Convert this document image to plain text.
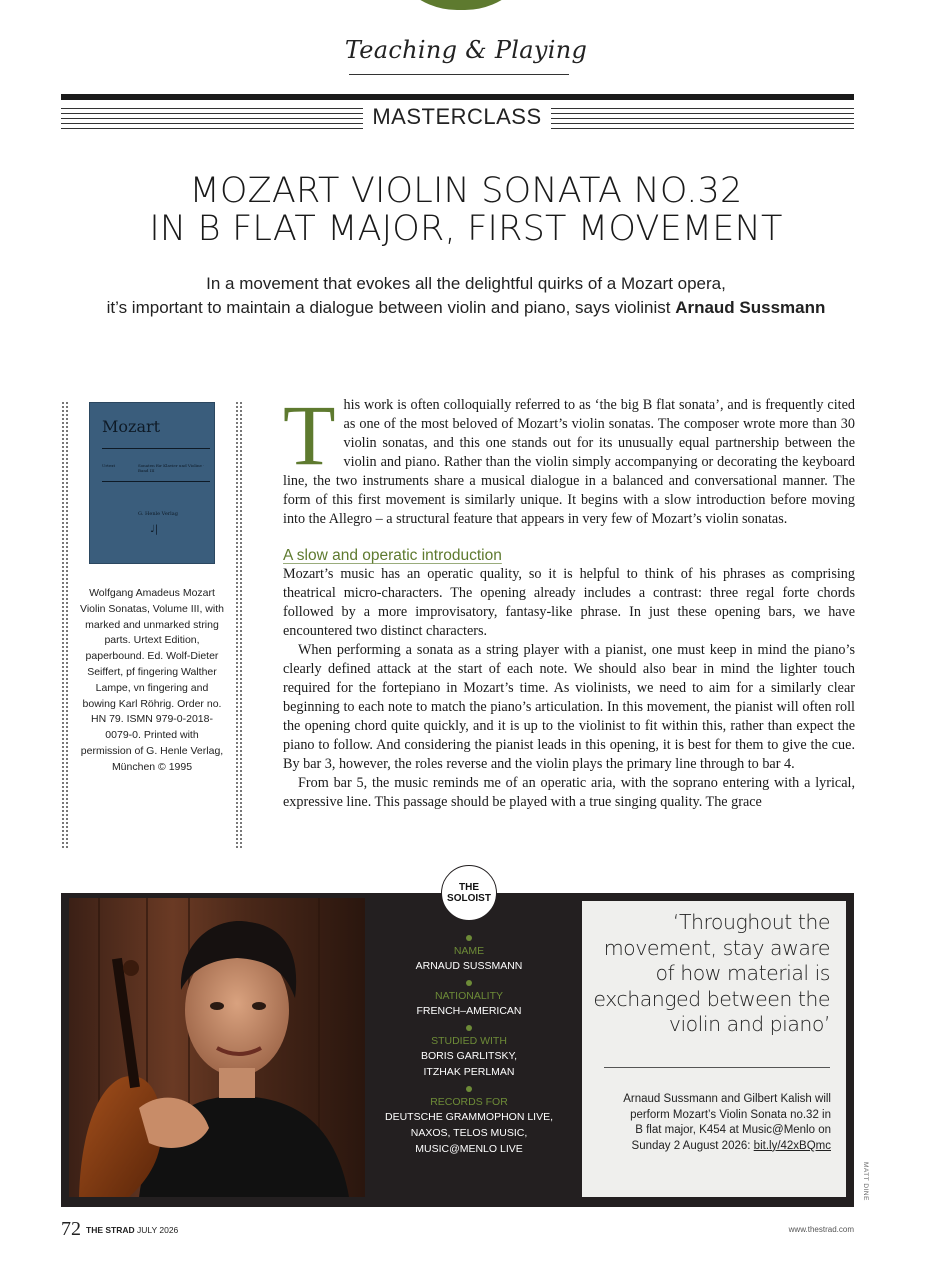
Teaching & Playing
MASTERCLASS
MOZART VIOLIN SONATA NO.32
IN B FLAT MAJOR, FIRST MOVEMENT
In a movement that evokes all the delightful quirks of a Mozart opera,
it’s important to maintain a dialogue between violin and piano, says violinist Arnaud Sussmann
Mozart
Urtext	Sonaten für Klavier und Violine · Band III
G. Henle Verlag
♩|
Wolfgang Amadeus Mozart Violin Sonatas, Volume III, with marked and unmarked string parts. Urtext Edition, paperbound. Ed. Wolf-Dieter Seiffert, pf fingering Walther Lampe, vn fingering and bowing Karl Röhrig. Order no. HN 79. ISMN 979-0-2018-0079-0. Printed with permission of G. Henle Verlag, München © 1995
T his work is often colloquially referred to as ‘the big B flat sonata’, and is frequently cited as one of the most beloved of Mozart’s violin sonatas. The composer wrote more than 30 violin sonatas, and this one stands out for its unusually equal partnership between the violin and piano. Rather than the violin simply accompanying or decorating the keyboard line, the two instruments share a musical dialogue in a balanced and conversational manner. The form of this first movement is similarly unique. It begins with a slow introduction before moving into the Allegro – a structural feature that appears in very few of Mozart’s violin sonatas.

A slow and operatic introduction

Mozart’s music has an operatic quality, so it is helpful to think of his phrases as comprising theatrical micro-characters. The opening already includes a contrast: three regal forte chords followed by a more improvisatory, fantasy-like phrase. In just these opening bars, we have encountered two distinct characters.

When performing a sonata as a string player with a pianist, one must keep in mind the piano’s clearly defined attack at the start of each note. We should also bear in mind the lighter touch required for the fortepiano in Mozart’s time. As violinists, we need to aim for a similarly clear beginning to each note to match the piano’s articulation. In this movement, the pianist will often roll the opening chord quite quickly, and it is up to the violinist to fit within this, rather than expect the piano to follow. And considering the pianist leads in this opening, it is best for them to give the cue. By bar 3, however, the roles reverse and the violin plays the primary line through to bar 4.

From bar 5, the music reminds me of an operatic aria, with the soprano entering with a lyrical, expressive line. This passage should be played with a true singing quality. The grace

THE
SOLOIST
NAME
ARNAUD SUSSMANN
NATIONALITY
FRENCH–AMERICAN
STUDIED WITH
BORIS GARLITSKY, ITZHAK PERLMAN
RECORDS FOR
DEUTSCHE GRAMMOPHON LIVE, NAXOS, TELOS MUSIC, MUSIC@MENLO LIVE
‘Throughout the movement, stay aware of how material is exchanged between the violin and piano’
Arnaud Sussmann and Gilbert Kalish will perform Mozart’s Violin Sonata no.32 in B flat major, K454 at Music@Menlo on Sunday 2 August 2026: bit.ly/42xBQmc
MATT DINE
72 THE STRAD JULY 2026	www.thestrad.com
